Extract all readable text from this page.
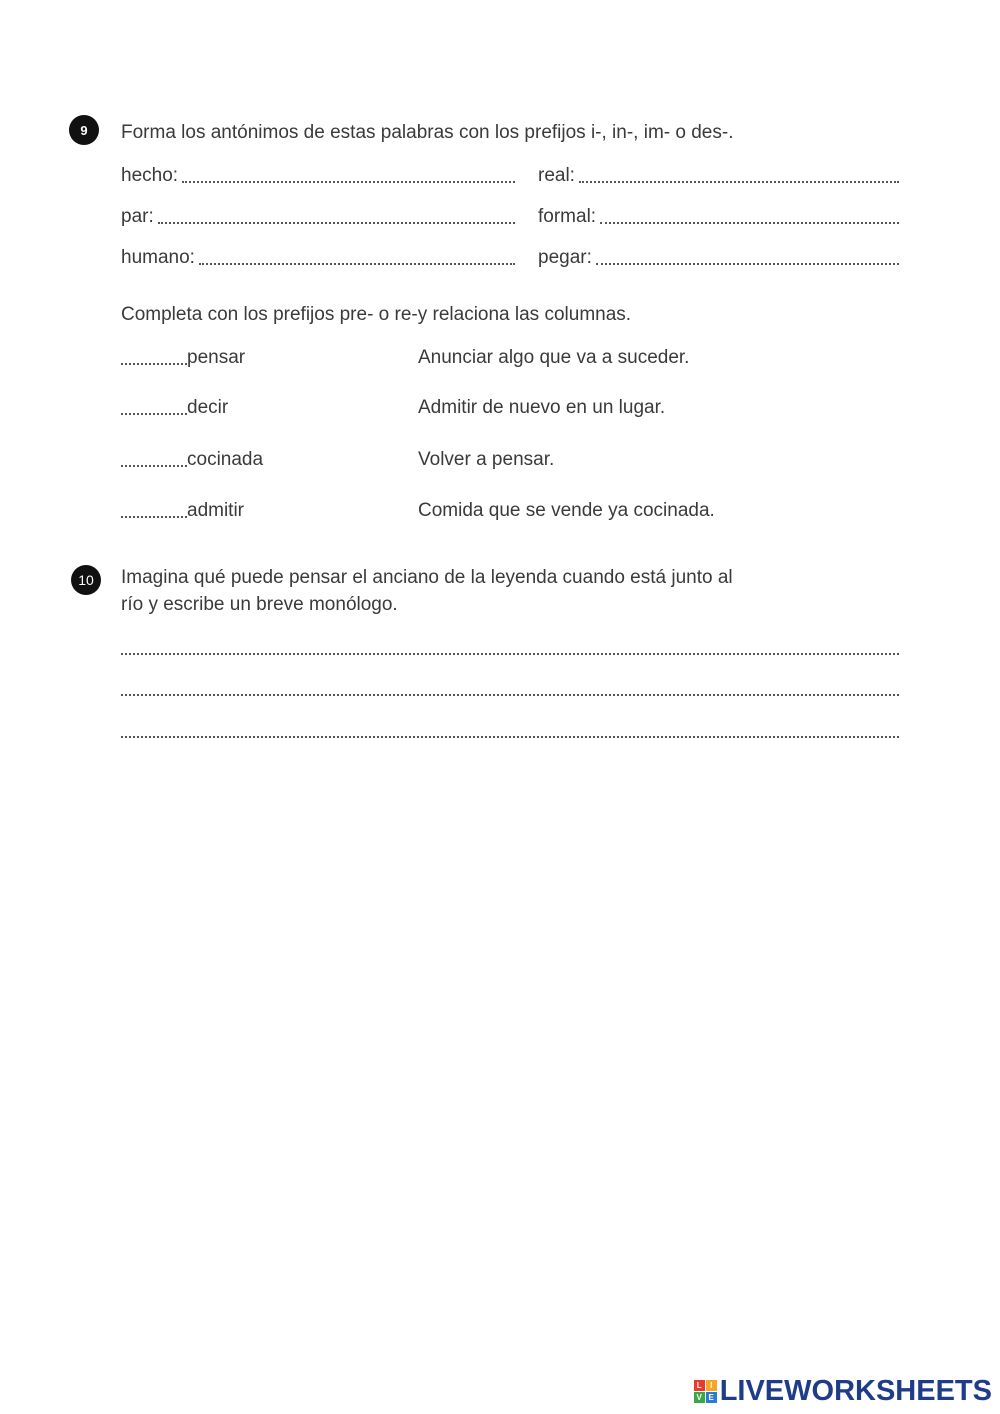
9	Forma los antónimos de estas palabras con los prefijos i-, in-, im- o des-.
hecho:	real:
par:	formal:
humano:	pegar:
Completa con los prefijos pre- o re-y relaciona las columnas.
pensar	Anunciar algo que va a suceder.
decir	Admitir de nuevo en un lugar.
cocinada	Volver a pensar.
admitir	Comida que se vende ya cocinada.
10	Imagina qué puede pensar el anciano de la leyenda cuando está junto al
río y escribe un breve monólogo.
L	I
V E LIVEWORKSHEETS
